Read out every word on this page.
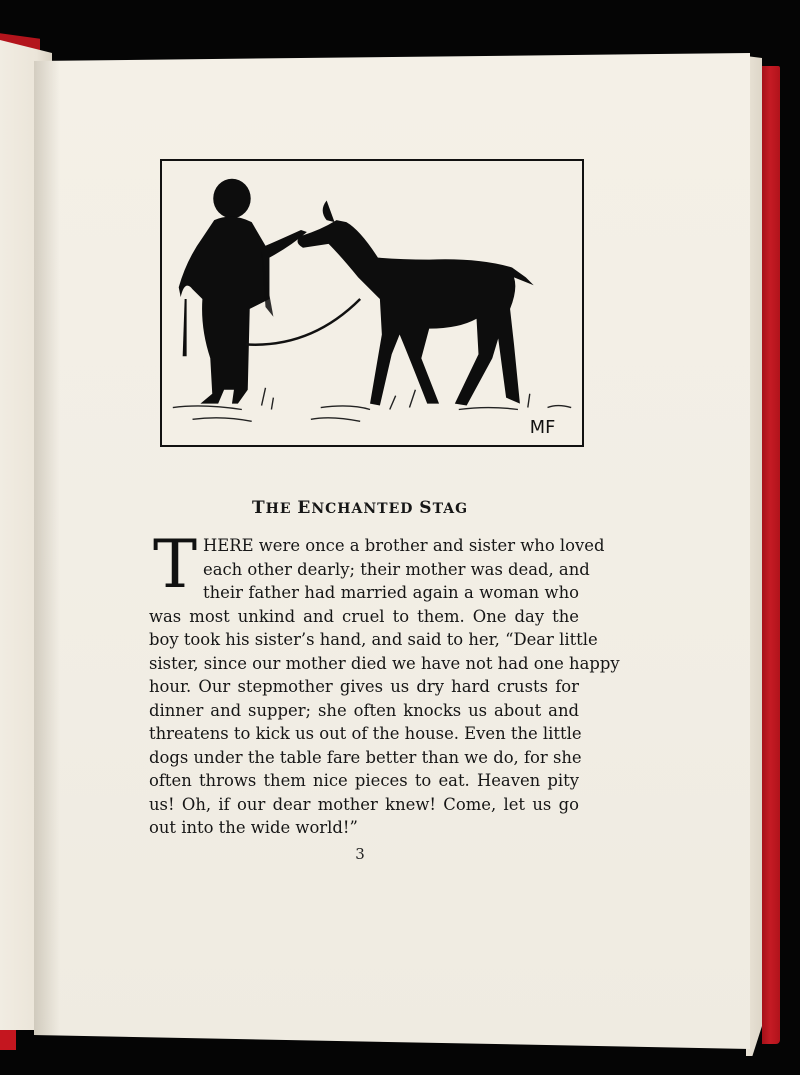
MF
THE ENCHANTED STAG
T HERE were once a brother and sister who loved
each other dearly; their mother was dead, and
their father had married again a woman who
was most unkind and cruel to them. One day the
boy took his sister’s hand, and said to her, “Dear little
sister, since our mother died we have not had one happy
hour. Our stepmother gives us dry hard crusts for
dinner and supper; she often knocks us about and
threatens to kick us out of the house. Even the little
dogs under the table fare better than we do, for she
often throws them nice pieces to eat. Heaven pity
us! Oh, if our dear mother knew! Come, let us go
out into the wide world!”
3
